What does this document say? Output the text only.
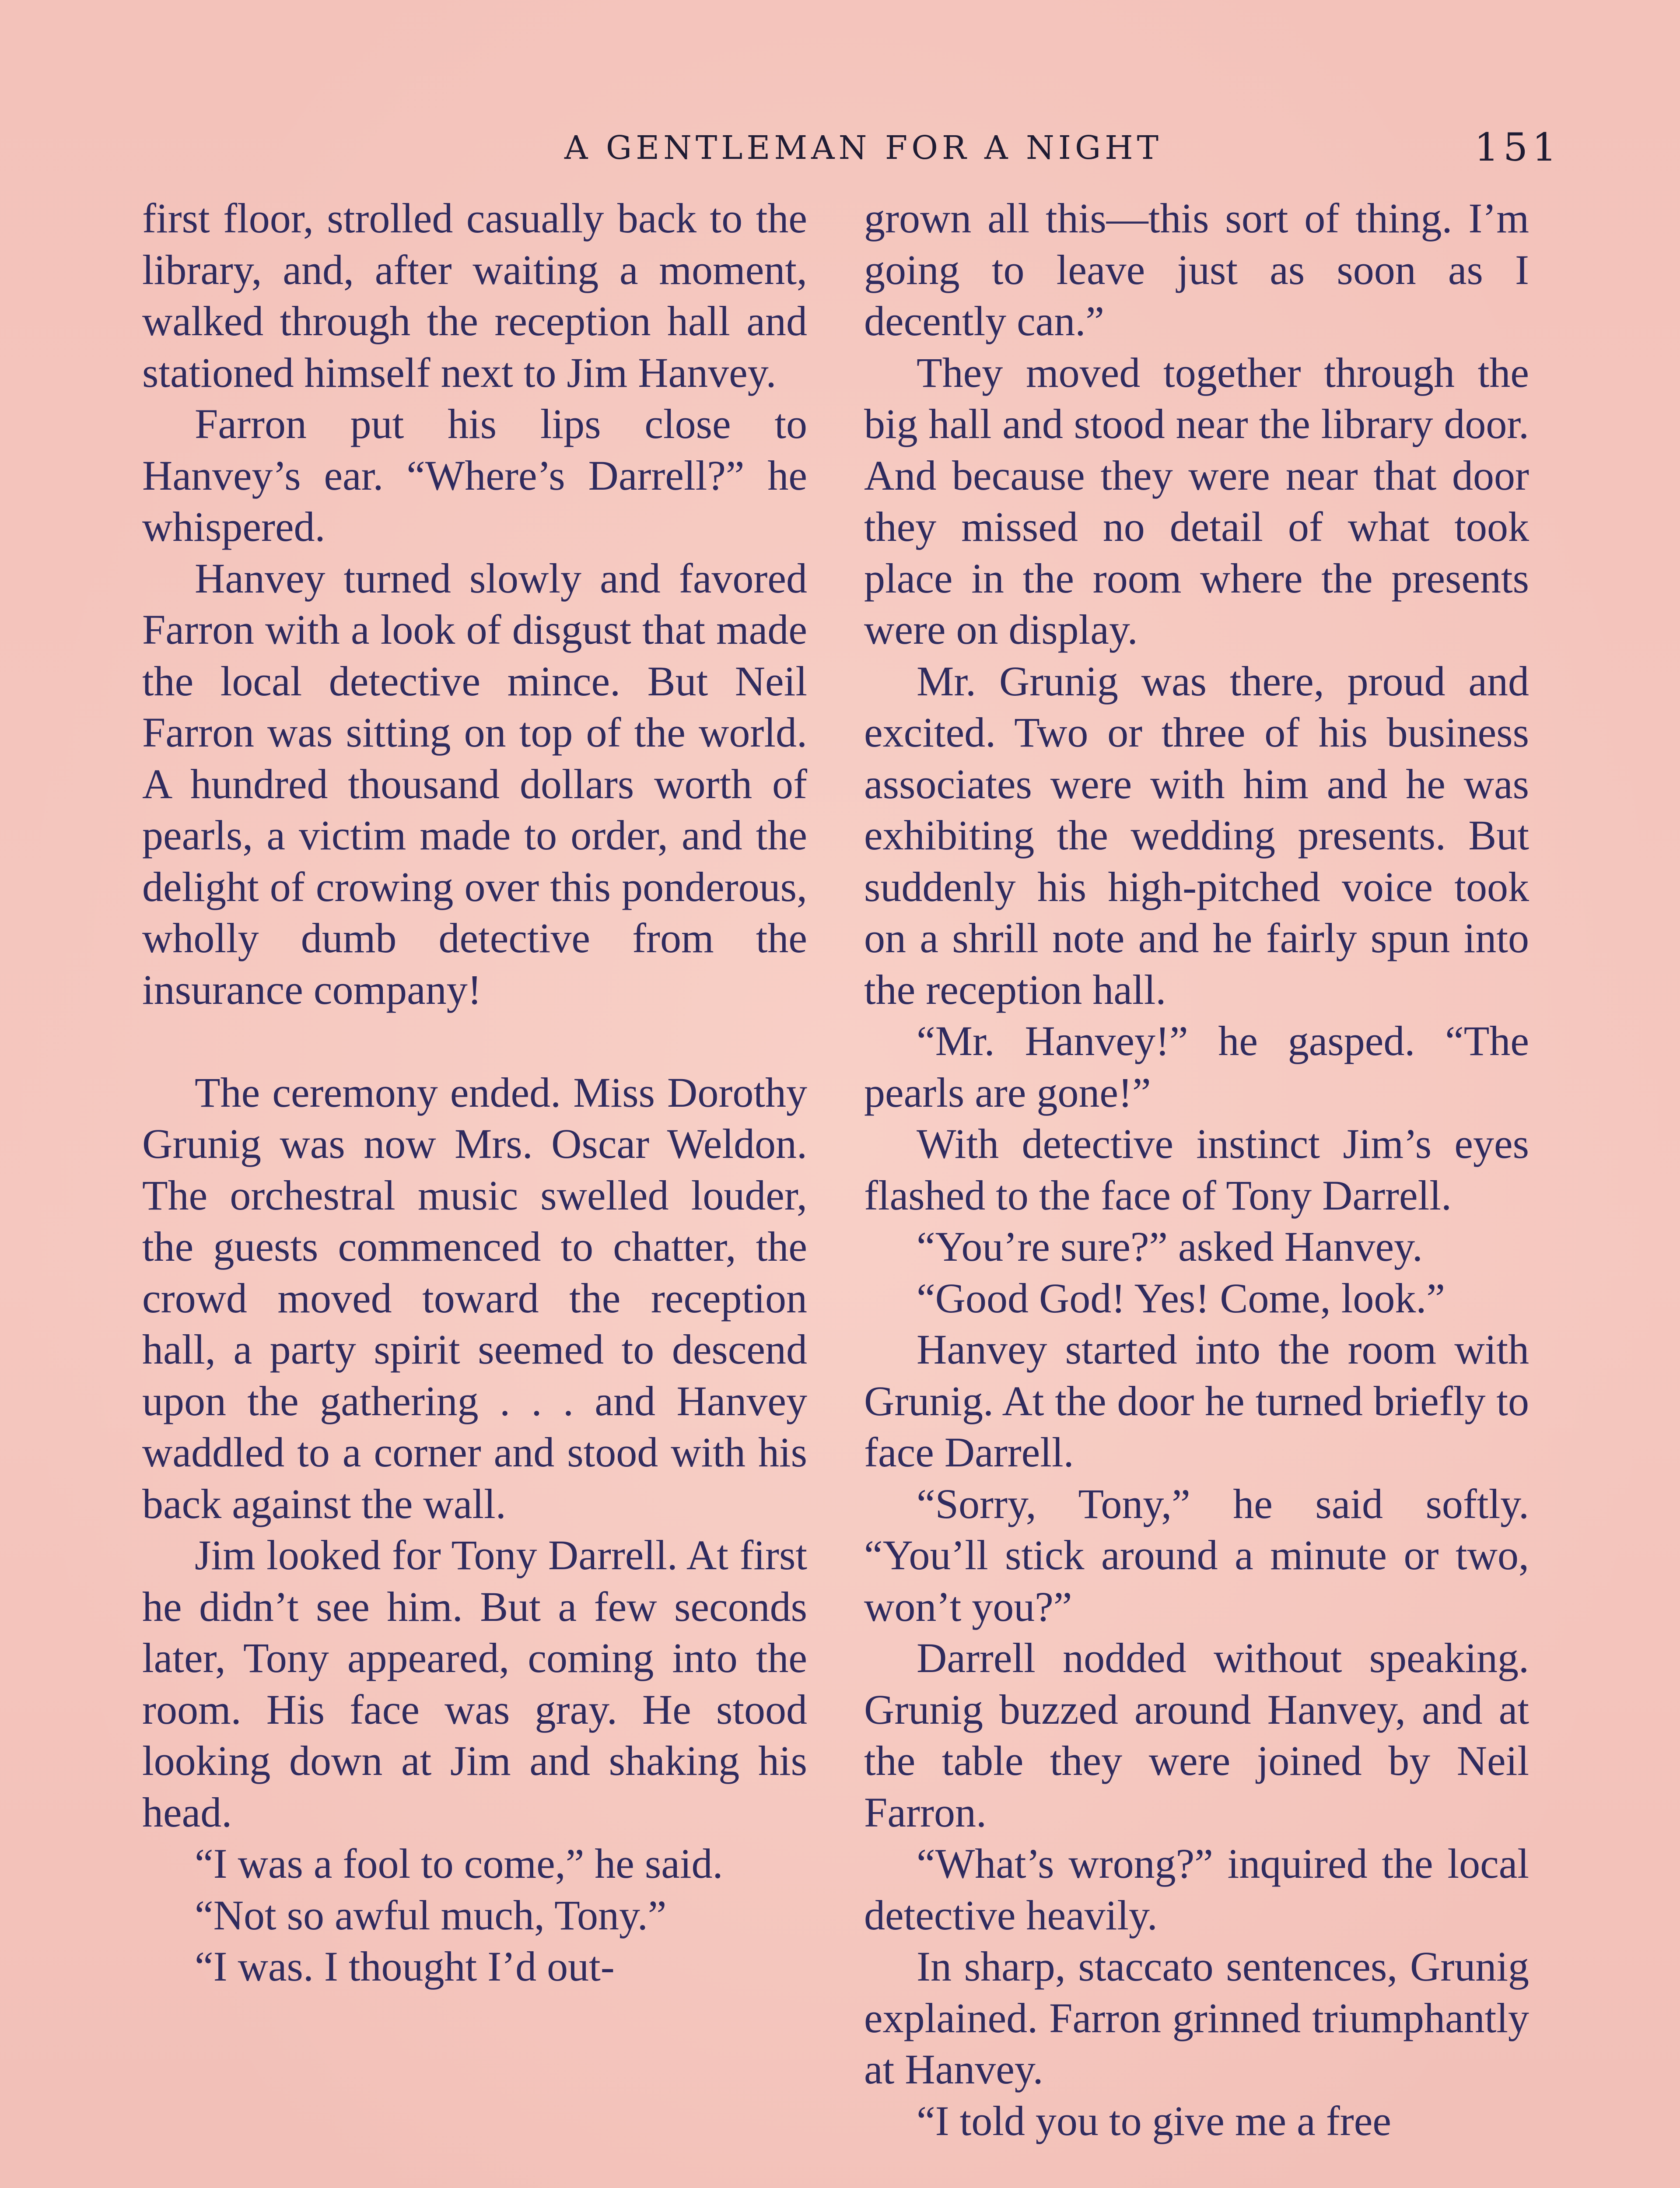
A GENTLEMAN FOR A NIGHT	151

first floor, strolled casually back to the library, and, after waiting a moment, walked through the reception hall and stationed himself next to Jim Hanvey.

Farron put his lips close to Hanvey’s ear. “Where’s Darrell?” he whispered.

Hanvey turned slowly and favored Farron with a look of disgust that made the local detective mince. But Neil Farron was sitting on top of the world. A hundred thousand dollars worth of pearls, a victim made to order, and the delight of crowing over this ponderous, wholly dumb detective from the insurance company!

The ceremony ended. Miss Dorothy Grunig was now Mrs. Oscar Weldon. The orchestral music swelled louder, the guests commenced to chatter, the crowd moved toward the reception hall, a party spirit seemed to descend upon the gathering . . . and Hanvey waddled to a corner and stood with his back against the wall.

Jim looked for Tony Darrell. At first he didn’t see him. But a few seconds later, Tony appeared, coming into the room. His face was gray. He stood looking down at Jim and shaking his head.

“I was a fool to come,” he said.

“Not so awful much, Tony.”

“I was. I thought I’d out-

grown all this—this sort of thing. I’m going to leave just as soon as I decently can.”

They moved together through the big hall and stood near the library door. And because they were near that door they missed no detail of what took place in the room where the presents were on display.

Mr. Grunig was there, proud and excited. Two or three of his business associates were with him and he was exhibiting the wedding presents. But suddenly his high-pitched voice took on a shrill note and he fairly spun into the reception hall.

“Mr. Hanvey!” he gasped. “The pearls are gone!”

With detective instinct Jim’s eyes flashed to the face of Tony Darrell.

“You’re sure?” asked Hanvey.

“Good God! Yes! Come, look.”

Hanvey started into the room with Grunig. At the door he turned briefly to face Darrell.

“Sorry, Tony,” he said softly. “You’ll stick around a minute or two, won’t you?”

Darrell nodded without speaking. Grunig buzzed around Hanvey, and at the table they were joined by Neil Farron.

“What’s wrong?” inquired the local detective heavily.

In sharp, staccato sentences, Grunig explained. Farron grinned triumphantly at Hanvey.

“I told you to give me a free
